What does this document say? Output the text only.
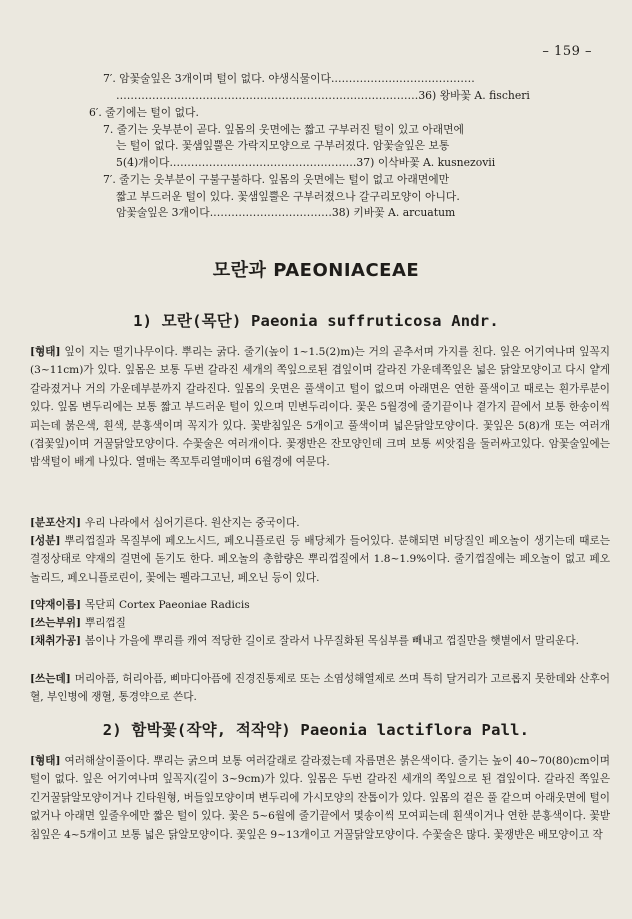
– 159 –

7′. 암꽃술잎은 3개이며 털이 없다. 야생식물이다.…………………………………

…………………………………………………………………………36) 왕바꽃 A. fischeri

6′. 줄기에는 털이 없다.

7. 줄기는 웃부분이 곧다. 잎몸의 웃면에는 짧고 구부러진 털이 있고 아래면에

는 털이 없다. 꽃샘잎뿔은 가락지모양으로 구부러졌다. 암꽃술잎은 보통

5(4)개이다.……………………………………………37) 이삭바꽃 A. kusnezovii

7′. 줄기는 웃부분이 구불구불하다. 잎몸의 웃면에는 털이 없고 아래면에만

짧고 부드러운 털이 있다. 꽃샘잎뿔은 구부러졌으나 갈구리모양이 아니다.

암꽃술잎은 3개이다.……………………………38) 키바꽃 A. arcuatum

모란과 PAEONIACEAE
1) 모란(목단) Paeonia suffruticosa Andr.

[형태] 잎이 지는 떨기나무이다. 뿌리는 굵다. 줄기(높이 1~1.5(2)m)는 거의 곧추서며 가지를 친다. 잎은 어기여나며 잎꼭지(3~11cm)가 있다. 잎몸은 보통 두번 갈라진 세개의 쪽잎으로된 겹잎이며 갈라진 가운데쪽잎은 넓은 닭알모양이고 다시 얕게 갈라졌거나 거의 가운데부분까지 갈라진다. 잎몸의 웃면은 풀색이고 털이 없으며 아래면은 연한 풀색이고 때로는 흰가루분이 있다. 잎몸 변두리에는 보통 짧고 부드러운 털이 있으며 민변두리이다. 꽃은 5월경에 줄기끝이나 곁가지 끝에서 보통 한송이씩 피는데 붉은색, 흰색, 분홍색이며 꼭지가 있다. 꽃받침잎은 5개이고 풀색이며 넓은닭알모양이다. 꽃잎은 5(8)개 또는 여러개(겹꽃잎)이며 거꿀닭알모양이다. 수꽃술은 여러개이다. 꽃쟁반은 잔모양인데 크며 보통 씨앗집을 둘러싸고있다. 암꽃술잎에는 밤색털이 배게 나있다. 열매는 쪽꼬투리열매이며 6월경에 여문다.

[분포산지] 우리 나라에서 심어기른다. 원산지는 중국이다.

[성분] 뿌리껍질과 목질부에 페오노시드, 페오니플로린 등 배당체가 들어있다. 분해되면 비당질인 페오놀이 생기는데 때로는 결정상태로 약재의 걸면에 돋기도 한다. 페오놀의 총함량은 뿌리껍질에서 1.8~1.9%이다. 줄기껍질에는 페오놀이 없고 페오놀리드, 페오니플로린이, 꽃에는 펠라그고닌, 페오닌 등이 있다.

[약재이름] 목단피 Cortex Paeoniae Radicis

[쓰는부위] 뿌리껍질

[채취가공] 봄이나 가을에 뿌리를 캐여 적당한 길이로 잘라서 나무질화된 목심부를 빼내고 껍질만을 햇볕에서 말리운다.

[쓰는데] 머리아픔, 허리아픔, 삐마디아픔에 진경진통제로 또는 소염성해열제로 쓰며 특히 달거리가 고르롭지 못한데와 산후어혈, 부인병에 쟁혈, 통경약으로 쓴다.

2) 함박꽃(작약, 적작약) Paeonia lactiflora Pall.

[형태] 여러해살이풀이다. 뿌리는 굵으며 보통 여러갈래로 갈라졌는데 자름면은 붉은색이다. 줄기는 높이 40~70(80)cm이며 털이 없다. 잎은 어기여나며 잎꼭지(길이 3~9cm)가 있다. 잎몸은 두번 갈라진 세개의 쪽잎으로 된 겹잎이다. 갈라진 쪽잎은 긴거꿀닭알모양이거나 긴타원형, 버들잎모양이며 변두리에 가시모양의 잔톱이가 있다. 잎몸의 겉은 풀 같으며 아래웃면에 털이 없거나 아래면 잎줄우에만 짧은 털이 있다. 꽃은 5~6월에 줄기끝에서 몇송이씩 모여피는데 흰색이거나 연한 분홍색이다. 꽃받침잎은 4~5개이고 보통 넓은 닭알모양이다. 꽃잎은 9~13개이고 거꿀닭알모양이다. 수꽃술은 많다. 꽃쟁반은 배모양이고 작
